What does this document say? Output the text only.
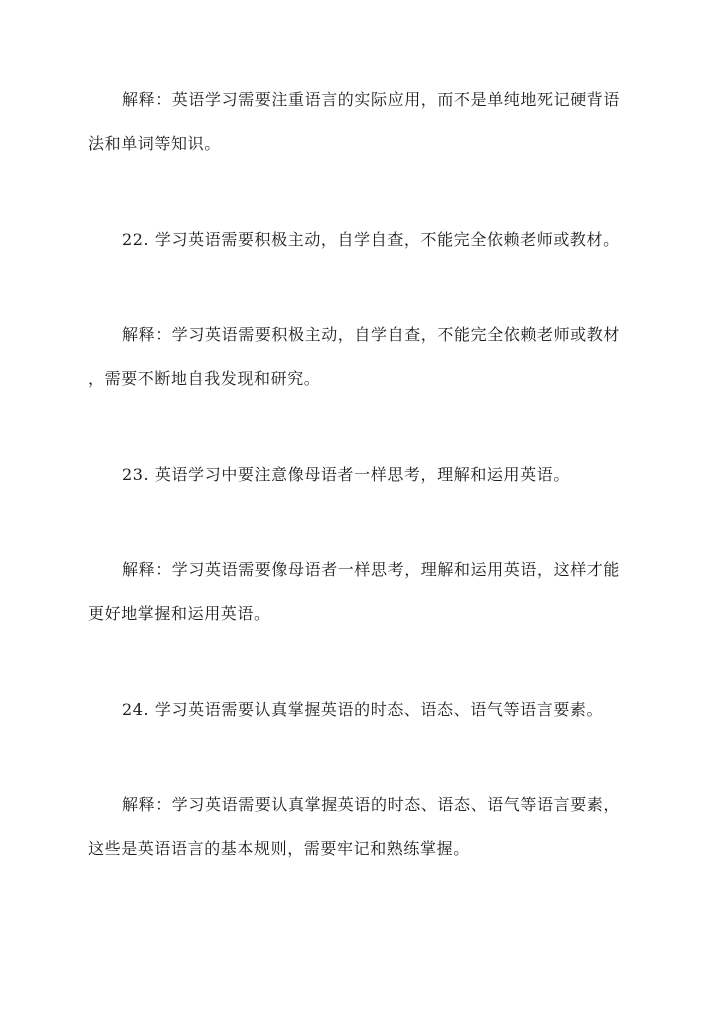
解释：英语学习需要注重语言的实际应用，而不是单纯地死记硬背语
法和单词等知识。
22. 学习英语需要积极主动，自学自查，不能完全依赖老师或教材。
解释：学习英语需要积极主动，自学自查，不能完全依赖老师或教材
，需要不断地自我发现和研究。
23. 英语学习中要注意像母语者一样思考，理解和运用英语。
解释：学习英语需要像母语者一样思考，理解和运用英语，这样才能
更好地掌握和运用英语。
24. 学习英语需要认真掌握英语的时态、语态、语气等语言要素。
解释：学习英语需要认真掌握英语的时态、语态、语气等语言要素，
这些是英语语言的基本规则，需要牢记和熟练掌握。
